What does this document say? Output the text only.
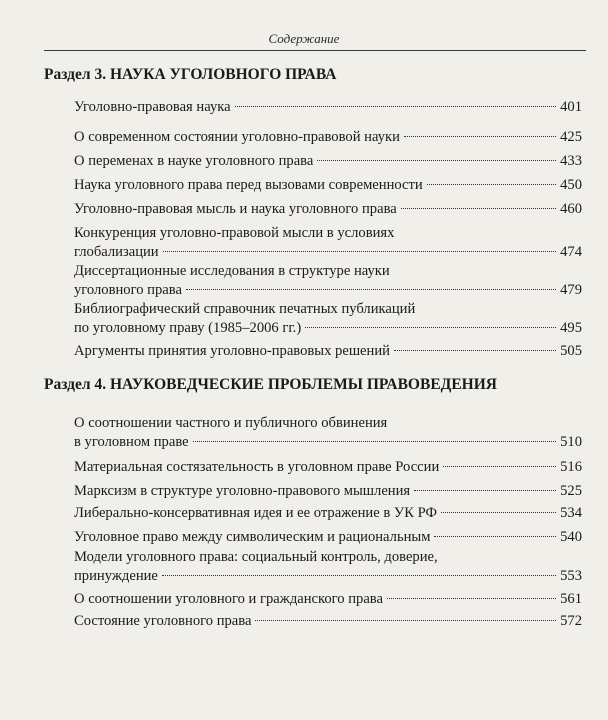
Содержание
Раздел 3. НАУКА УГОЛОВНОГО ПРАВА
Уголовно-правовая наука	401
О современном состоянии уголовно-правовой науки	425
О переменах в науке уголовного права	433
Наука уголовного права перед вызовами современности	450
Уголовно-правовая мысль и наука уголовного права	460
Конкуренция уголовно-правовой мысли в условиях
глобализации	474
Диссертационные исследования в структуре науки
уголовного права	479
Библиографический справочник печатных публикаций
по уголовному праву (1985–2006 гг.)	495
Аргументы принятия уголовно-правовых решений	505
Раздел 4. НАУКОВЕДЧЕСКИЕ ПРОБЛЕМЫ ПРАВОВЕДЕНИЯ
О соотношении частного и публичного обвинения
в уголовном праве	510
Материальная состязательность в уголовном праве России	516
Марксизм в структуре уголовно-правового мышления	525
Либерально-консервативная идея и ее отражение в УК РФ	534
Уголовное право между символическим и рациональным	540
Модели уголовного права: социальный контроль, доверие,
принуждение	553
О соотношении уголовного и гражданского права	561
Состояние уголовного права	572
